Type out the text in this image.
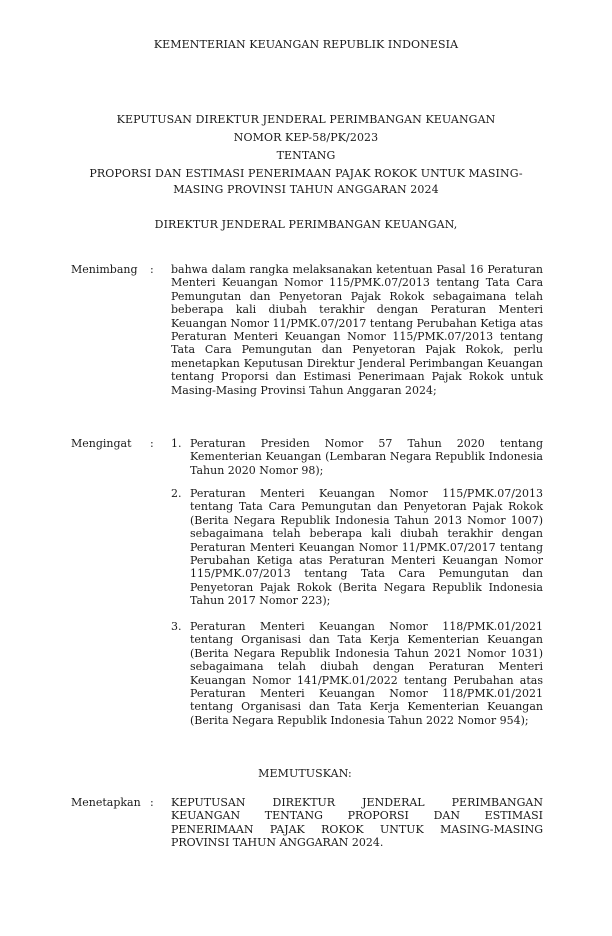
KEMENTERIAN KEUANGAN REPUBLIK INDONESIA
KEPUTUSAN DIREKTUR JENDERAL PERIMBANGAN KEUANGAN
NOMOR KEP-58/PK/2023
TENTANG
PROPORSI DAN ESTIMASI PENERIMAAN PAJAK ROKOK UNTUK MASING-
MASING PROVINSI TAHUN ANGGARAN 2024
DIREKTUR JENDERAL PERIMBANGAN KEUANGAN,
Menimbang : bahwa dalam rangka melaksanakan ketentuan Pasal 16 Peraturan Menteri Keuangan Nomor 115/PMK.07/2013 tentang Tata Cara Pemungutan dan Penyetoran Pajak Rokok sebagaimana telah beberapa kali diubah terakhir dengan Peraturan Menteri Keuangan Nomor 11/PMK.07/2017 tentang Perubahan Ketiga atas Peraturan Menteri Keuangan Nomor 115/PMK.07/2013 tentang Tata Cara Pemungutan dan Penyetoran Pajak Rokok, perlu menetapkan Keputusan Direktur Jenderal Perimbangan Keuangan tentang Proporsi dan Estimasi Penerimaan Pajak Rokok untuk Masing-Masing Provinsi Tahun Anggaran 2024;
Mengingat : 1. Peraturan Presiden Nomor 57 Tahun 2020 tentang Kementerian Keuangan (Lembaran Negara Republik Indonesia Tahun 2020 Nomor 98);
2. Peraturan Menteri Keuangan Nomor 115/PMK.07/2013 tentang Tata Cara Pemungutan dan Penyetoran Pajak Rokok (Berita Negara Republik Indonesia Tahun 2013 Nomor 1007) sebagaimana telah beberapa kali diubah terakhir dengan Peraturan Menteri Keuangan Nomor 11/PMK.07/2017 tentang Perubahan Ketiga atas Peraturan Menteri Keuangan Nomor 115/PMK.07/2013 tentang Tata Cara Pemungutan dan Penyetoran Pajak Rokok (Berita Negara Republik Indonesia Tahun 2017 Nomor 223);
3. Peraturan Menteri Keuangan Nomor 118/PMK.01/2021 tentang Organisasi dan Tata Kerja Kementerian Keuangan (Berita Negara Republik Indonesia Tahun 2021 Nomor 1031) sebagaimana telah diubah dengan Peraturan Menteri Keuangan Nomor 141/PMK.01/2022 tentang Perubahan atas Peraturan Menteri Keuangan Nomor 118/PMK.01/2021 tentang Organisasi dan Tata Kerja Kementerian Keuangan (Berita Negara Republik Indonesia Tahun 2022 Nomor 954);
MEMUTUSKAN:
Menetapkan : KEPUTUSAN DIREKTUR JENDERAL PERIMBANGAN KEUANGAN TENTANG PROPORSI DAN ESTIMASI PENERIMAAN PAJAK ROKOK UNTUK MASING-MASING PROVINSI TAHUN ANGGARAN 2024.
